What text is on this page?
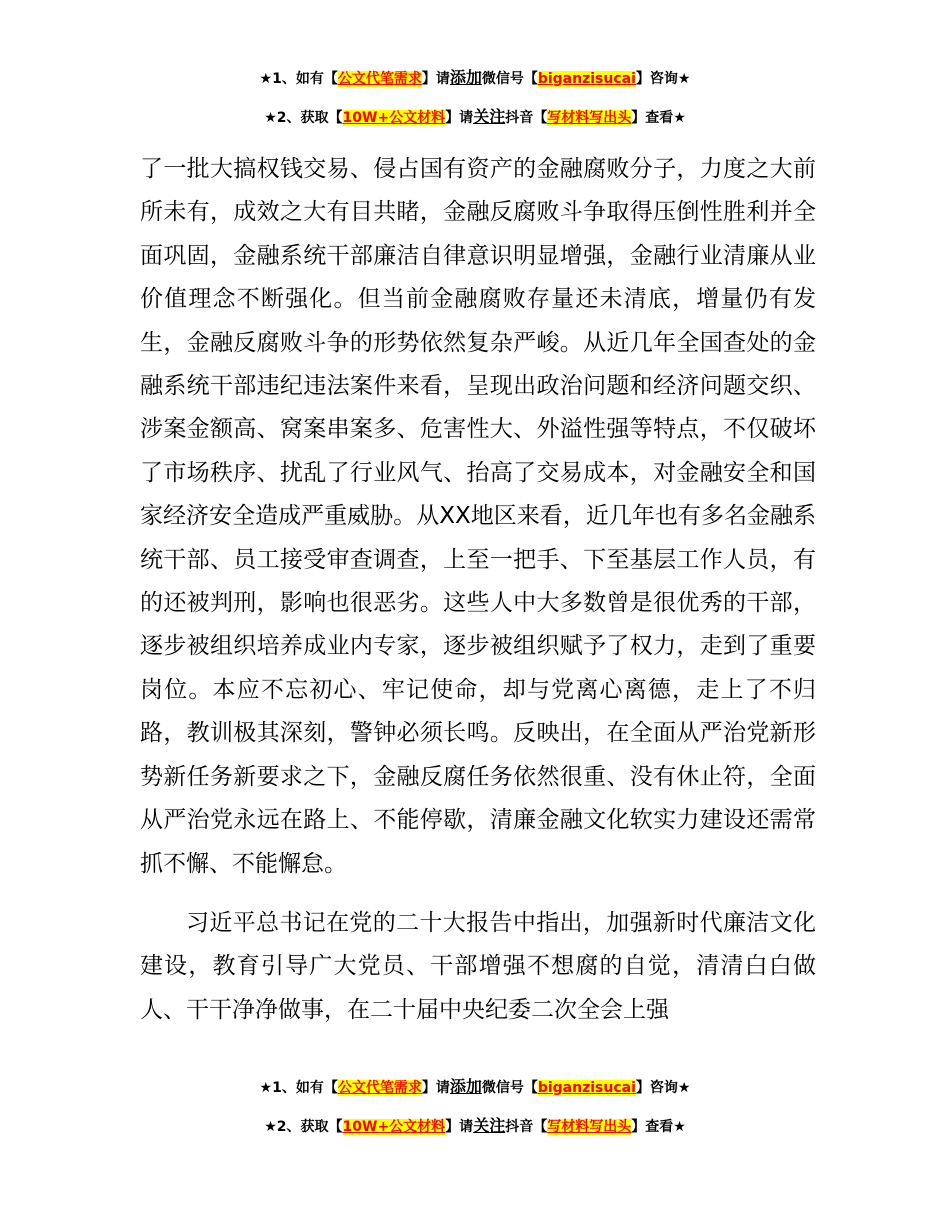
★1、如有【公文代笔需求】请添加微信号【biganzisucai】咨询★
★2、获取【10W+公文材料】请关注抖音【写材料写出头】查看★

了一批大搞权钱交易、侵占国有资产的金融腐败分子，力度之大前所未有，成效之大有目共睹，金融反腐败斗争取得压倒性胜利并全面巩固，金融系统干部廉洁自律意识明显增强，金融行业清廉从业价值理念不断强化。但当前金融腐败存量还未清底，增量仍有发生，金融反腐败斗争的形势依然复杂严峻。从近几年全国查处的金融系统干部违纪违法案件来看，呈现出政治问题和经济问题交织、涉案金额高、窝案串案多、危害性大、外溢性强等特点，不仅破坏了市场秩序、扰乱了行业风气、抬高了交易成本，对金融安全和国家经济安全造成严重威胁。从XX地区来看，近几年也有多名金融系统干部、员工接受审查调查，上至一把手、下至基层工作人员，有的还被判刑，影响也很恶劣。这些人中大多数曾是很优秀的干部，逐步被组织培养成业内专家，逐步被组织赋予了权力，走到了重要岗位。本应不忘初心、牢记使命，却与党离心离德，走上了不归路，教训极其深刻，警钟必须长鸣。反映出，在全面从严治党新形势新任务新要求之下，金融反腐任务依然很重、没有休止符，全面从严治党永远在路上、不能停歇，清廉金融文化软实力建设还需常抓不懈、不能懈怠。

习近平总书记在党的二十大报告中指出，加强新时代廉洁文化建设，教育引导广大党员、干部增强不想腐的自觉，清清白白做人、干干净净做事，在二十届中央纪委二次全会上强

★1、如有【公文代笔需求】请添加微信号【biganzisucai】咨询★
★2、获取【10W+公文材料】请关注抖音【写材料写出头】查看★
